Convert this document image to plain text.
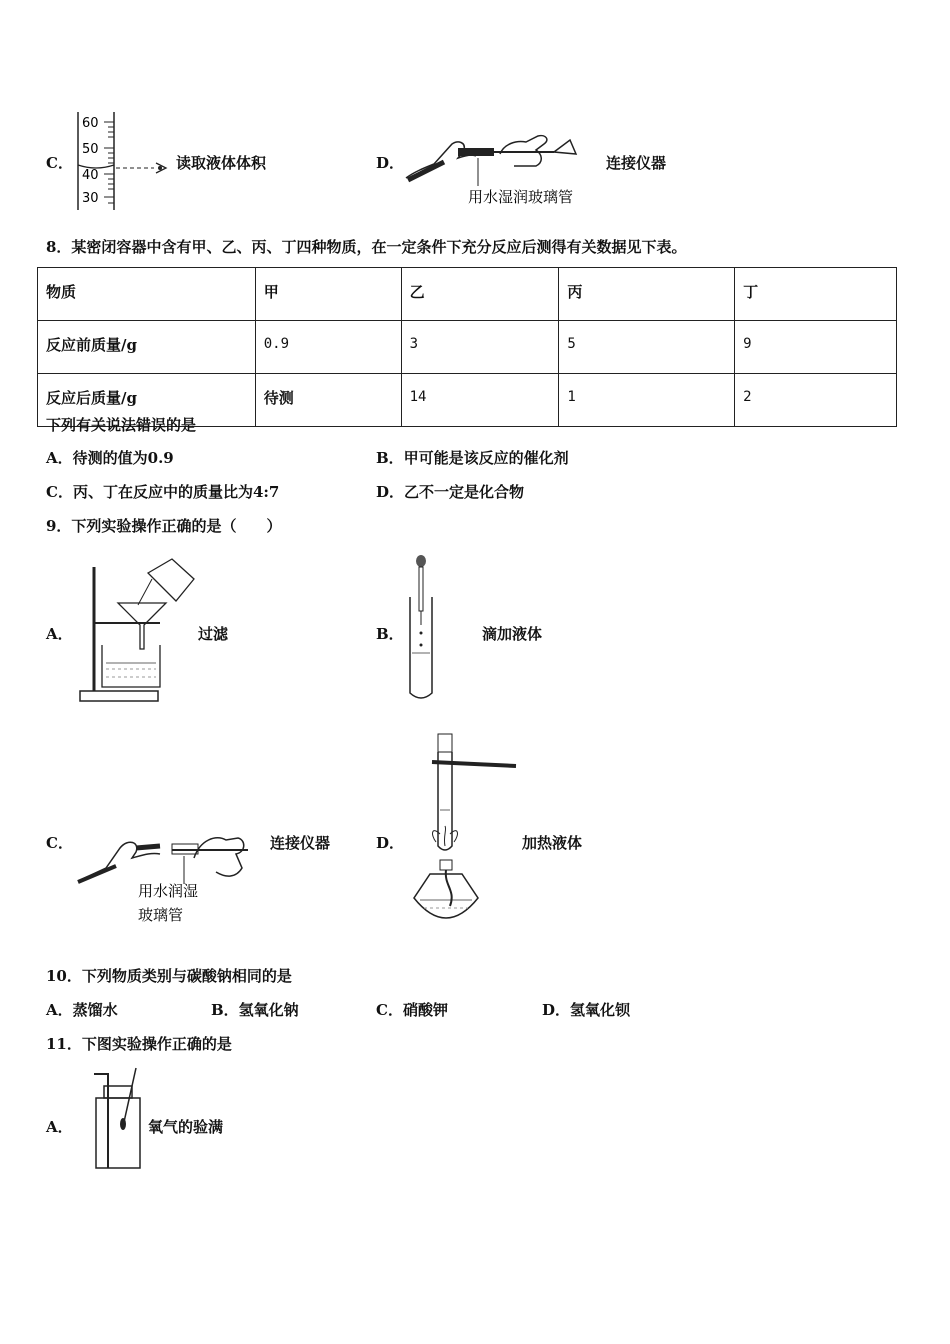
C．
60
50
40
30
读取液体体积	D．
用水湿润玻璃管
连接仪器
8．某密闭容器中含有甲、乙、丙、丁四种物质，在一定条件下充分反应后测得有关数据见下表。
物质	甲	乙	丙	丁
反应前质量/g	0.9	3	5	9
反应后质量/g	待测	14	1	2
下列有关说法错误的是
A．待测的值为0.9	B．甲可能是该反应的催化剂
C．丙、丁在反应中的质量比为4:7	D．乙不一定是化合物
9．下列实验操作正确的是（　　）
A．	过滤	B．	滴加液体
C．
用水润湿
玻璃管
连接仪器	D．	加热液体
10．下列物质类别与碳酸钠相同的是
A．蒸馏水	B．氢氧化钠	C．硝酸钾	D．氢氧化钡
11．下图实验操作正确的是
A．	氧气的验满
